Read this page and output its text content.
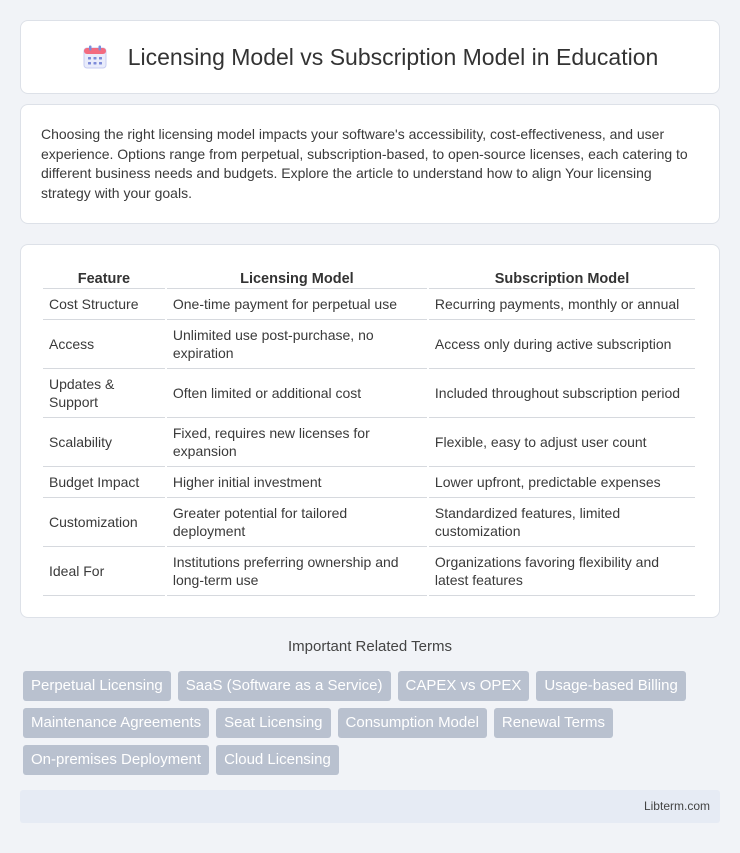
Licensing Model vs Subscription Model in Education

Choosing the right licensing model impacts your software's accessibility, cost-effectiveness, and user experience. Options range from perpetual, subscription-based, to open-source licenses, each catering to different business needs and budgets. Explore the article to understand how to align Your licensing strategy with your goals.

Feature	Licensing Model	Subscription Model
Cost Structure	One-time payment for perpetual use	Recurring payments, monthly or annual
Access	Unlimited use post-purchase, no expiration	Access only during active subscription
Updates & Support	Often limited or additional cost	Included throughout subscription period
Scalability	Fixed, requires new licenses for expansion	Flexible, easy to adjust user count
Budget Impact	Higher initial investment	Lower upfront, predictable expenses
Customization	Greater potential for tailored deployment	Standardized features, limited customization
Ideal For	Institutions preferring ownership and long-term use	Organizations favoring flexibility and latest features
Important Related Terms
Perpetual Licensing	SaaS (Software as a Service)	CAPEX vs OPEX	Usage-based Billing
Maintenance Agreements	Seat Licensing	Consumption Model	Renewal Terms
On-premises Deployment	Cloud Licensing
Libterm.com
